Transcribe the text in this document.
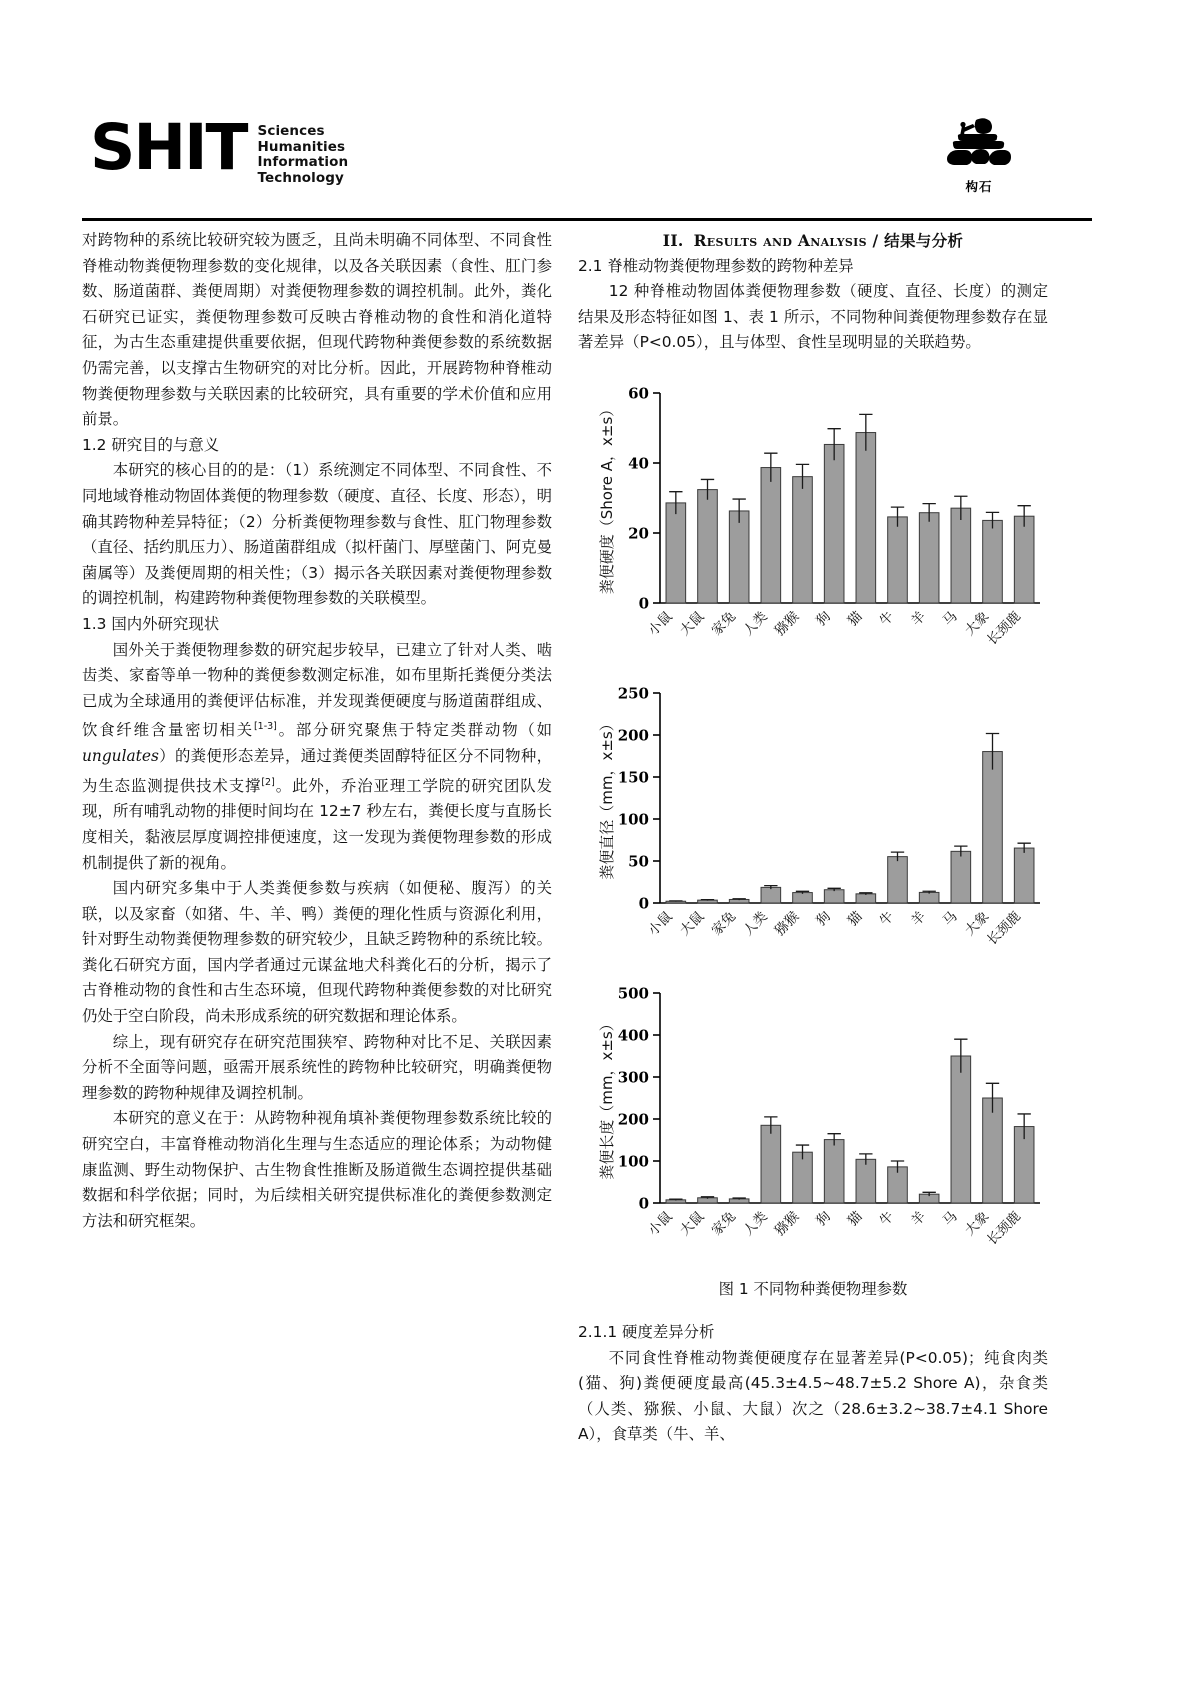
SHIT Sciences
Humanities
Information
Technology
构石

对跨物种的系统比较研究较为匮乏，且尚未明确不同体型、不同食性脊椎动物粪便物理参数的变化规律，以及各关联因素（食性、肛门参数、肠道菌群、粪便周期）对粪便物理参数的调控机制。此外，粪化石研究已证实，粪便物理参数可反映古脊椎动物的食性和消化道特征，为古生态重建提供重要依据，但现代跨物种粪便参数的系统数据仍需完善，以支撑古生物研究的对比分析。因此，开展跨物种脊椎动物粪便物理参数与关联因素的比较研究，具有重要的学术价值和应用前景。

1.2 研究目的与意义

本研究的核心目的的是：（1）系统测定不同体型、不同食性、不同地域脊椎动物固体粪便的物理参数（硬度、直径、长度、形态），明确其跨物种差异特征；（2）分析粪便物理参数与食性、肛门物理参数（直径、括约肌压力）、肠道菌群组成（拟杆菌门、厚壁菌门、阿克曼菌属等）及粪便周期的相关性；（3）揭示各关联因素对粪便物理参数的调控机制，构建跨物种粪便物理参数的关联模型。

1.3 国内外研究现状

国外关于粪便物理参数的研究起步较早，已建立了针对人类、啮齿类、家畜等单一物种的粪便参数测定标准，如布里斯托粪便分类法已成为全球通用的粪便评估标准，并发现粪便硬度与肠道菌群组成、饮食纤维含量密切相关[1-3]。部分研究聚焦于特定类群动物（如 ungulates）的粪便形态差异，通过粪便类固醇特征区分不同物种，为生态监测提供技术支撑[2]。此外，乔治亚理工学院的研究团队发现，所有哺乳动物的排便时间均在 12±7 秒左右，粪便长度与直肠长度相关，黏液层厚度调控排便速度，这一发现为粪便物理参数的形成机制提供了新的视角。

国内研究多集中于人类粪便参数与疾病（如便秘、腹泻）的关联，以及家畜（如猪、牛、羊、鸭）粪便的理化性质与资源化利用，针对野生动物粪便物理参数的研究较少，且缺乏跨物种的系统比较。粪化石研究方面，国内学者通过元谋盆地犬科粪化石的分析，揭示了古脊椎动物的食性和古生态环境，但现代跨物种粪便参数的对比研究仍处于空白阶段，尚未形成系统的研究数据和理论体系。

综上，现有研究存在研究范围狭窄、跨物种对比不足、关联因素分析不全面等问题，亟需开展系统性的跨物种比较研究，明确粪便物理参数的跨物种规律及调控机制。

本研究的意义在于：从跨物种视角填补粪便物理参数系统比较的研究空白，丰富脊椎动物消化生理与生态适应的理论体系；为动物健康监测、野生动物保护、古生物食性推断及肠道微生态调控提供基础数据和科学依据；同时，为后续相关研究提供标准化的粪便参数测定方法和研究框架。

II. Results and Analysis / 结果与分析

2.1 脊椎动物粪便物理参数的跨物种差异

12 种脊椎动物固体粪便物理参数（硬度、直径、长度）的测定结果及形态特征如图 1、表 1 所示，不同物种间粪便物理参数存在显著差异（P<0.05），且与体型、食性呈现明显的关联趋势。

0
20
40
60
粪便硬度（Shore A，x±s）
小鼠 大鼠 家兔 人类 猕猴 狗 猫 牛 羊 马 大象
长颈鹿
0
50
100
150
200
250
粪便直径（mm，x±s）
小鼠 大鼠 家兔 人类 猕猴 狗 猫 牛 羊 马 大象
长颈鹿
0
100
200
300
400
500
粪便长度（mm，x±s）
小鼠 大鼠 家兔 人类 猕猴 狗 猫 牛 羊 马 大象
长颈鹿
图 1 不同物种粪便物理参数

2.1.1 硬度差异分析

不同食性脊椎动物粪便硬度存在显著差异(P<0.05)；纯食肉类(猫、狗)粪便硬度最高(45.3±4.5~48.7±5.2 Shore A)，杂食类（人类、猕猴、小鼠、大鼠）次之（28.6±3.2~38.7±4.1 Shore A），食草类（牛、羊、
